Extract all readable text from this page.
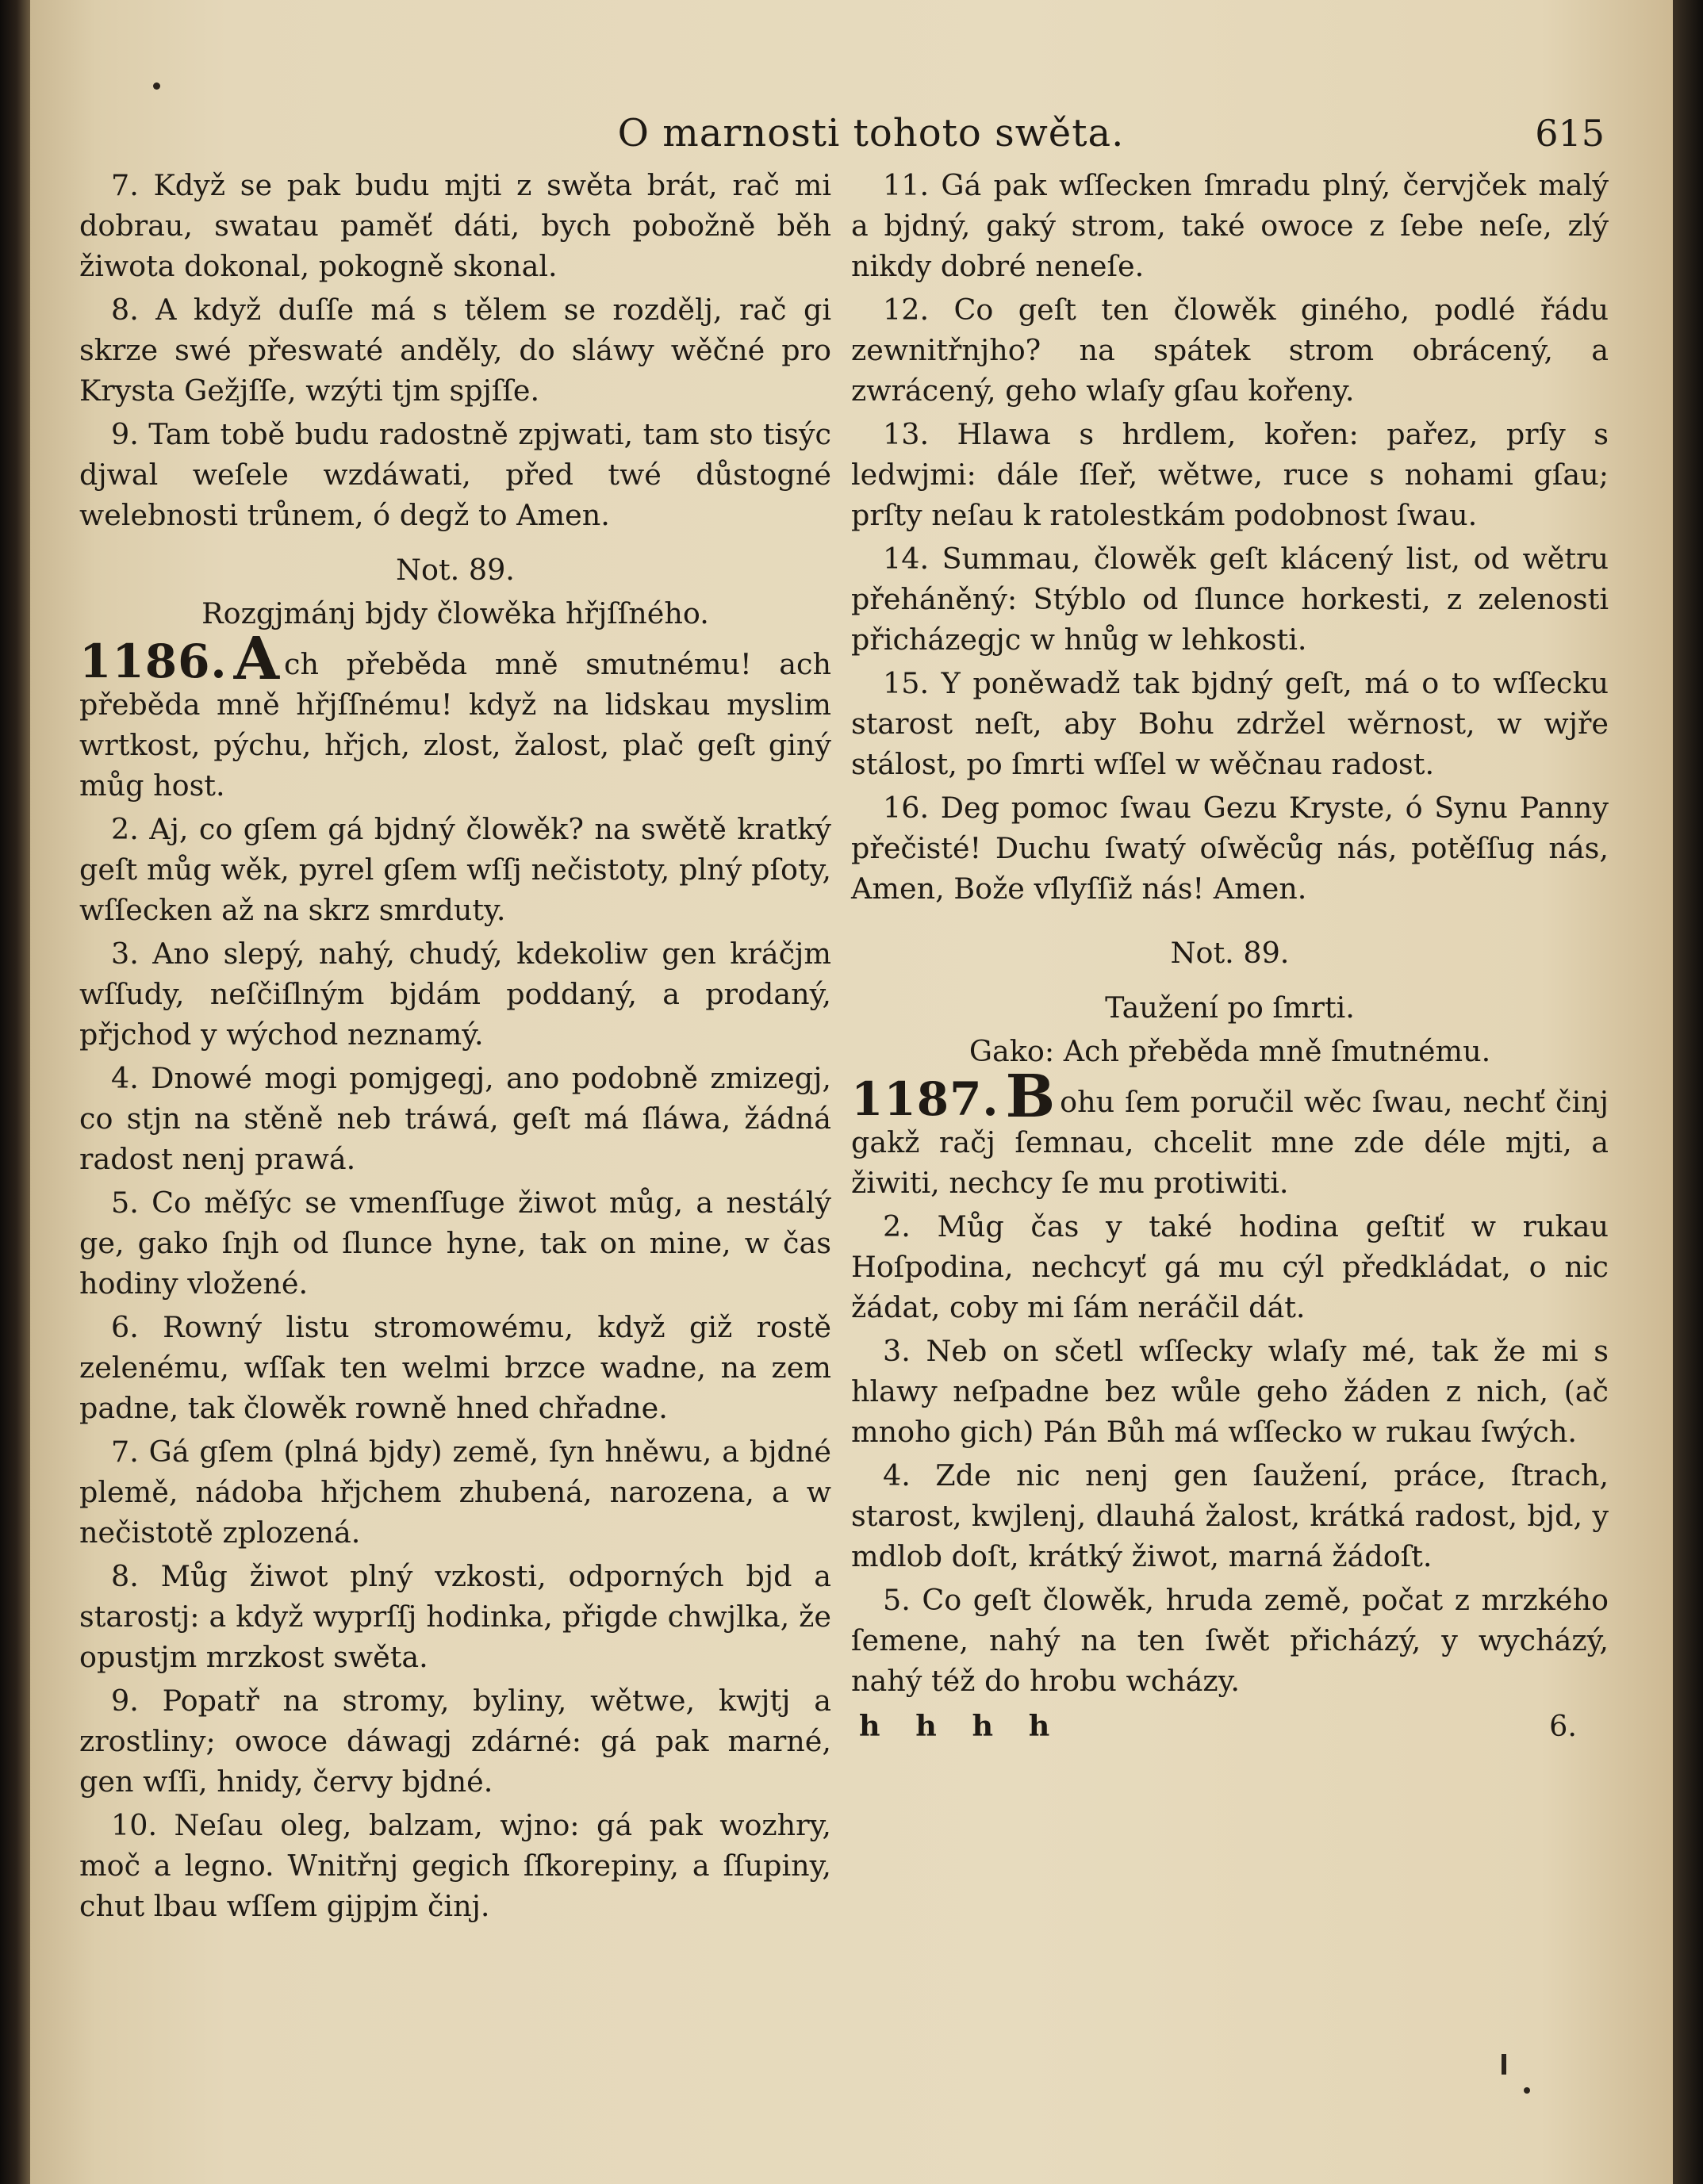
O marnosti tohoto swěta.	615

7. Když se pak budu mjti z swěta brát, rač mi dobrau, swatau paměť dáti, bych pobožně běh žiwota dokonal, pokogně skonal.

8. A když duſſe má s tělem se rozdělj, rač gi skrze swé přeswaté anděly, do sláwy wěčné pro Krysta Gežjſſe, wzýti tjm spjſſe.

9. Tam tobě budu radostně zpjwati, tam sto tisýc djwal weſele wzdáwati, před twé důstogné welebnosti trůnem, ó degž to Amen.

Not. 89.

Rozgjmánj bjdy člowěka hřjſſného.

1186. A ch přeběda mně smutnému! ach přeběda mně hřjſſnému! když na lidskau myslim wrtkost, pýchu, hřjch, zlost, žalost, plač geſt giný můg host.

2. Aj, co gſem gá bjdný člowěk? na swětě kratký geſt můg wěk, pyrel gſem wſſj nečistoty, plný pſoty, wſſecken až na skrz smrduty.

3. Ano slepý, nahý, chudý, kdekoliw gen kráčjm wſſudy, neſčiſlným bjdám poddaný, a prodaný, přjchod y wýchod neznamý.

4. Dnowé mogi pomjgegj, ano podobně zmizegj, co stjn na stěně neb tráwá, geſt má ſláwa, žádná radost nenj prawá.

5. Co měſýc se vmenſſuge žiwot můg, a nestálý ge, gako ſnjh od ſlunce hyne, tak on mine, w čas hodiny vložené.

6. Rowný listu stromowému, když giž rostě zelenému, wſſak ten welmi brzce wadne, na zem padne, tak člowěk rowně hned chřadne.

7. Gá gſem (plná bjdy) země, ſyn hněwu, a bjdné plemě, nádoba hřjchem zhubená, narozena, a w nečistotě zplozená.

8. Můg žiwot plný vzkosti, odporných bjd a starostj: a když wyprſſj hodinka, přigde chwjlka, že opustjm mrzkost swěta.

9. Popatř na stromy, byliny, wětwe, kwjtj a zrostliny; owoce dáwagj zdárné: gá pak marné, gen wſſi, hnidy, červy bjdné.

10. Neſau oleg, balzam, wjno: gá pak wozhry, moč a legno. Wnitřnj gegich ſſkorepiny, a ſſupiny, chut lbau wſſem gijpjm činj.

11. Gá pak wſſecken ſmradu plný, červjček malý a bjdný, gaký strom, také owoce z ſebe neſe, zlý nikdy dobré neneſe.

12. Co geſt ten člowěk giného, podlé řádu zewnitřnjho? na spátek strom obrácený, a zwrácený, geho wlaſy gſau kořeny.

13. Hlawa s hrdlem, kořen: pařez, prſy s ledwjmi: dále ſſeř, wětwe, ruce s nohami gſau; prſty neſau k ratolestkám podobnost ſwau.

14. Summau, člowěk geſt klácený list, od wětru přeháněný: Stýblo od ſlunce horkesti, z zelenosti přicházegjc w hnůg w lehkosti.

15. Y poněwadž tak bjdný geſt, má o to wſſecku starost neſt, aby Bohu zdržel wěrnost, w wjře stálost, po ſmrti wſſel w wěčnau radost.

16. Deg pomoc ſwau Gezu Kryste, ó Synu Panny přečisté! Duchu ſwatý oſwěcůg nás, potěſſug nás, Amen, Bože vſlyſſiž nás! Amen.

Not. 89.

Taužení po ſmrti.

Gako: Ach přeběda mně ſmutnému.

1187. B ohu ſem poručil wěc ſwau, nechť činj gakž račj ſemnau, chcelit mne zde déle mjti, a žiwiti, nechcy ſe mu protiwiti.

2. Můg čas y také hodina geſtiť w rukau Hoſpodina, nechcyť gá mu cýl předkládat, o nic žádat, coby mi ſám neráčil dát.

3. Neb on sčetl wſſecky wlaſy mé, tak že mi s hlawy neſpadne bez wůle geho žáden z nich, (ač mnoho gich) Pán Bůh má wſſecko w rukau ſwých.

4. Zde nic nenj gen ſaužení, práce, ſtrach, starost, kwjlenj, dlauhá žalost, krátká radost, bjd, y mdlob doſt, krátký žiwot, marná žádoſt.

5. Co geſt člowěk, hruda země, počat z mrzkého ſemene, nahý na ten ſwět přicházý, y wycházý, nahý též do hrobu wcházy.

h h h h	6.
